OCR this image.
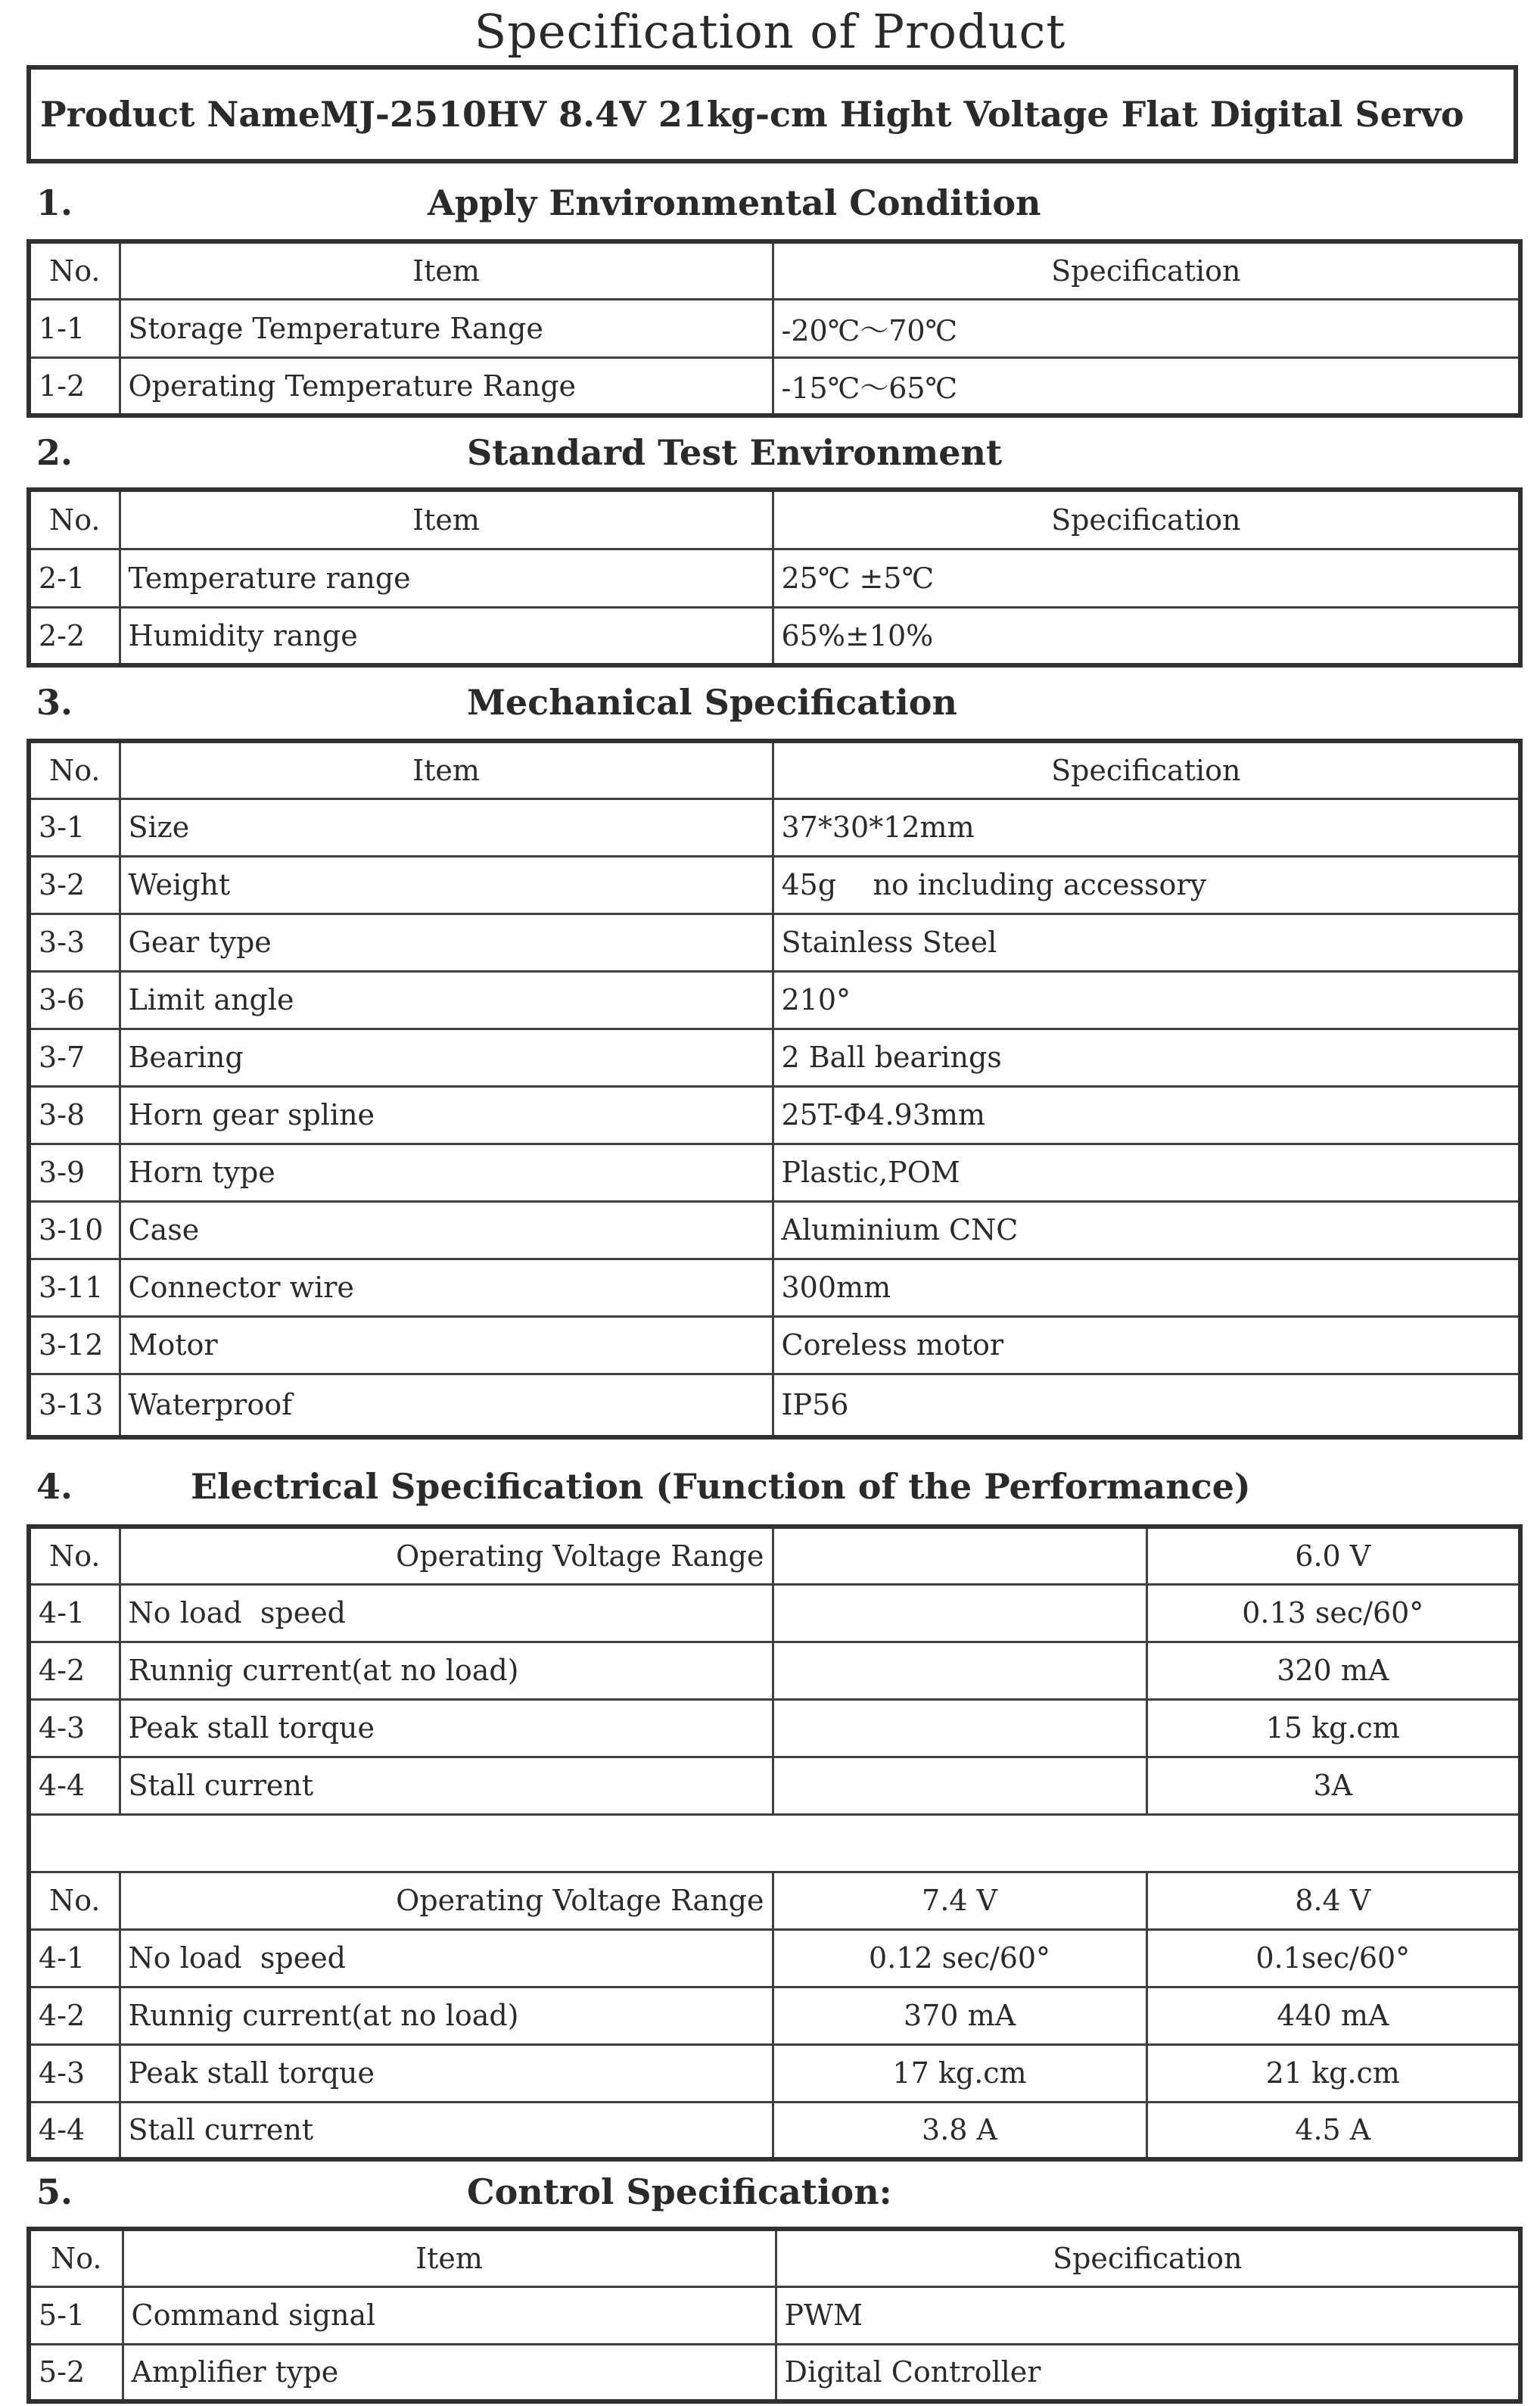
Specification of Product
Product NameMJ-2510HV 8.4V 21kg-cm Hight Voltage Flat Digital Servo
1.	Apply Environmental Condition
No.	Item	Specification
1-1	Storage Temperature Range	-20℃～70℃
1-2	Operating Temperature Range	-15℃～65℃
2.	Standard Test Environment
No.	Item	Specification
2-1	Temperature range	25℃ ±5℃
2-2	Humidity range	65%±10%
3.	Mechanical Specification
No.	Item	Specification
3-1	Size	37*30*12mm
3-2	Weight	45g    no including accessory
3-3	Gear type	Stainless Steel
3-6	Limit angle	210°
3-7	Bearing	2 Ball bearings
3-8	Horn gear spline	25T-Φ4.93mm
3-9	Horn type	Plastic,POM
3-10	Case	Aluminium CNC
3-11	Connector wire	300mm
3-12	Motor	Coreless motor
3-13	Waterproof	IP56
4.	Electrical Specification (Function of the Performance)
No.	Operating Voltage Range		6.0 V
4-1	No load  speed		0.13 sec/60°
4-2	Runnig current(at no load)		320 mA
4-3	Peak stall torque		15 kg.cm
4-4	Stall current		3A

No.	Operating Voltage Range	7.4 V	8.4 V
4-1	No load  speed	0.12 sec/60°	0.1sec/60°
4-2	Runnig current(at no load)	370 mA	440 mA
4-3	Peak stall torque	17 kg.cm	21 kg.cm
4-4	Stall current	3.8 A	4.5 A
5.	Control Specification:
No.	Item	Specification
5-1	Command signal	PWM
5-2	Amplifier type	Digital Controller
